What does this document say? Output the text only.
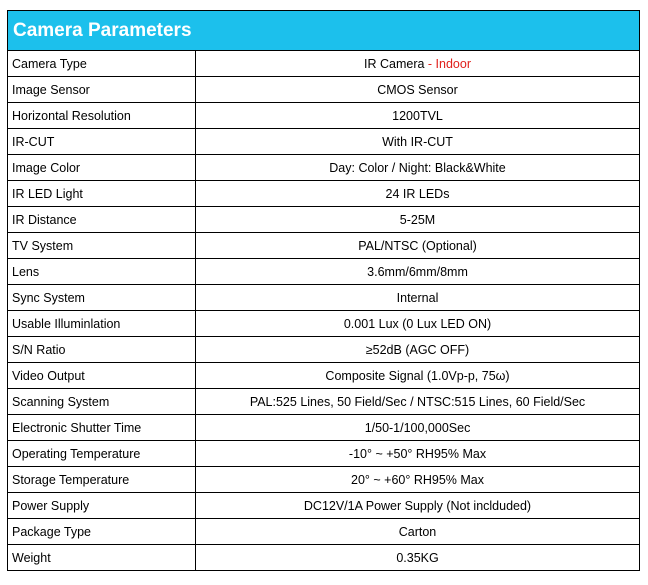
Camera Parameters	
Camera Type	IR Camera - Indoor
Image Sensor	CMOS Sensor
Horizontal Resolution	1200TVL
IR-CUT	With IR-CUT
Image Color	Day: Color / Night: Black&White
IR LED Light	24 IR LEDs
IR Distance	5-25M
TV System	PAL/NTSC (Optional)
Lens	3.6mm/6mm/8mm
Sync System	Internal
Usable Illuminlation	0.001 Lux (0 Lux LED ON)
S/N Ratio	≥52dB (AGC OFF)
Video Output	Composite Signal (1.0Vp-p, 75ω)
Scanning System	PAL:525 Lines, 50 Field/Sec / NTSC:515 Lines, 60 Field/Sec
Electronic Shutter Time	1/50-1/100,000Sec
Operating Temperature	-10° ~ +50° RH95% Max
Storage Temperature	20° ~ +60° RH95% Max
Power Supply	DC12V/1A Power Supply (Not inclduded)
Package Type	Carton
Weight	0.35KG
